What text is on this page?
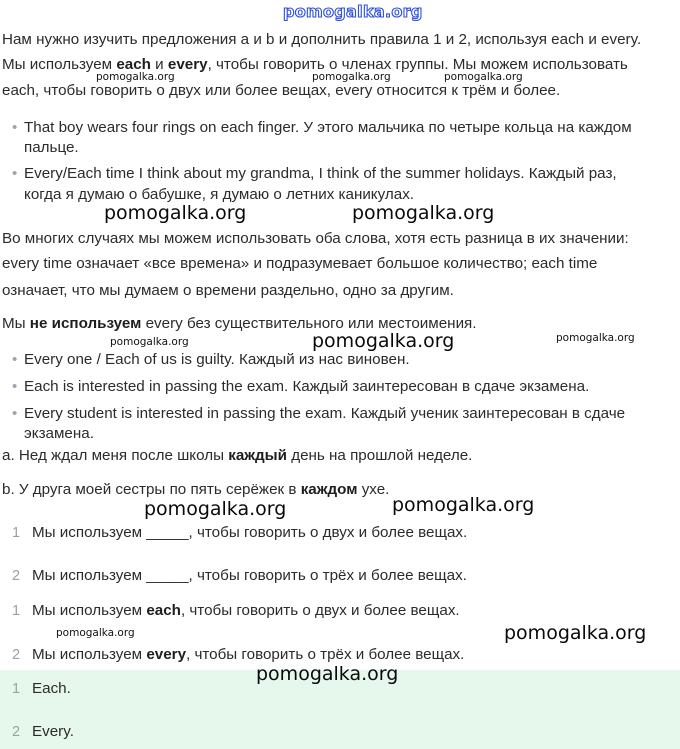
pomogalka.org
Нам нужно изучить предложения a и b и дополнить правила 1 и 2, используя each и every.
Мы используем each и every, чтобы говорить о членах группы. Мы можем использовать
each, чтобы говорить о двух или более вещах, every относится к трём и более.
pomogalka.org	pomogalka.org	pomogalka.org
• That boy wears four rings on each finger. У этого мальчика по четыре кольца на каждом
пальце.
• Every/Each time I think about my grandma, I think of the summer holidays. Каждый раз,
когда я думаю о бабушке, я думаю о летних каникулах.
pomogalka.org	pomogalka.org
Во многих случаях мы можем использовать оба слова, хотя есть разница в их значении:
every time означает «все времена» и подразумевает большое количество; each time
означает, что мы думаем о времени раздельно, одно за другим.
Мы не используем every без существительного или местоимения.
pomogalka.org	pomogalka.org	pomogalka.org
• Every one / Each of us is guilty. Каждый из нас виновен.
• Each is interested in passing the exam. Каждый заинтересован в сдаче экзамена.
• Every student is interested in passing the exam. Каждый ученик заинтересован в сдаче
экзамена.
a. Нед ждал меня после школы каждый день на прошлой неделе.
b. У друга моей сестры по пять серёжек в каждом ухе.
pomogalka.org	pomogalka.org
1 Мы используем _____, чтобы говорить о двух и более вещах.
2 Мы используем _____, чтобы говорить о трёх и более вещах.
1 Мы используем each, чтобы говорить о двух и более вещах.
pomogalka.org	pomogalka.org
2 Мы используем every, чтобы говорить о трёх и более вещах.
1 Each.
pomogalka.org
2 Every.
